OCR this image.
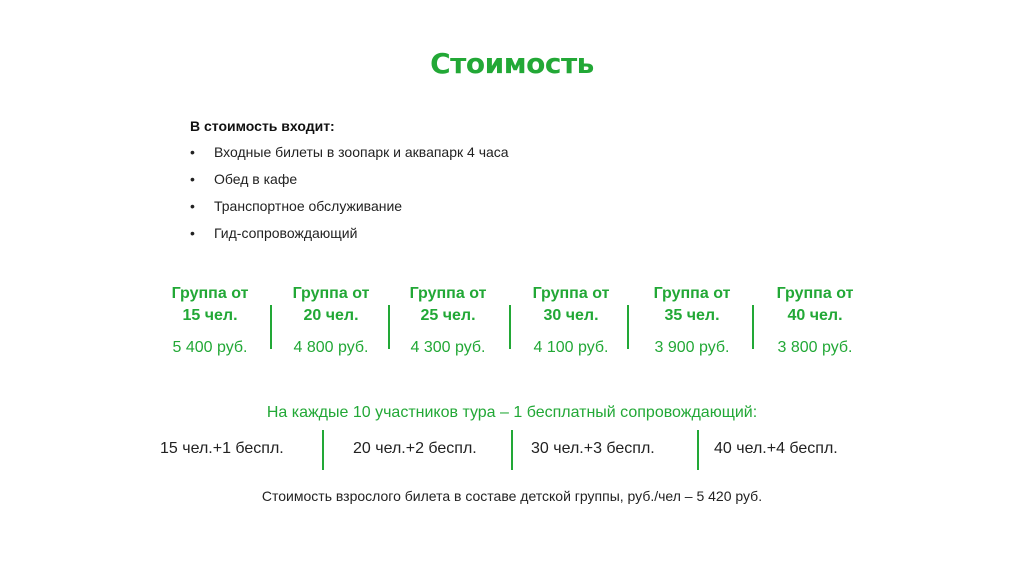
Стоимость
В стоимость входит:
• Входные билеты в зоопарк и аквапарк 4 часа
• Обед в кафе
• Транспортное обслуживание
• Гид-сопровождающий
Группа от
15 чел.
5 400 руб.
Группа от
20 чел.
4 800 руб.
Группа от
25 чел.
4 300 руб.
Группа от
30 чел.
4 100 руб.
Группа от
35 чел.
3 900 руб.
Группа от
40 чел.
3 800 руб.
На каждые 10 участников тура – 1 бесплатный сопровождающий:
15 чел.+1 беспл.	20 чел.+2 беспл.	30 чел.+3 беспл.	40 чел.+4 беспл.
Стоимость взрослого билета в составе детской группы, руб./чел – 5 420 руб.
